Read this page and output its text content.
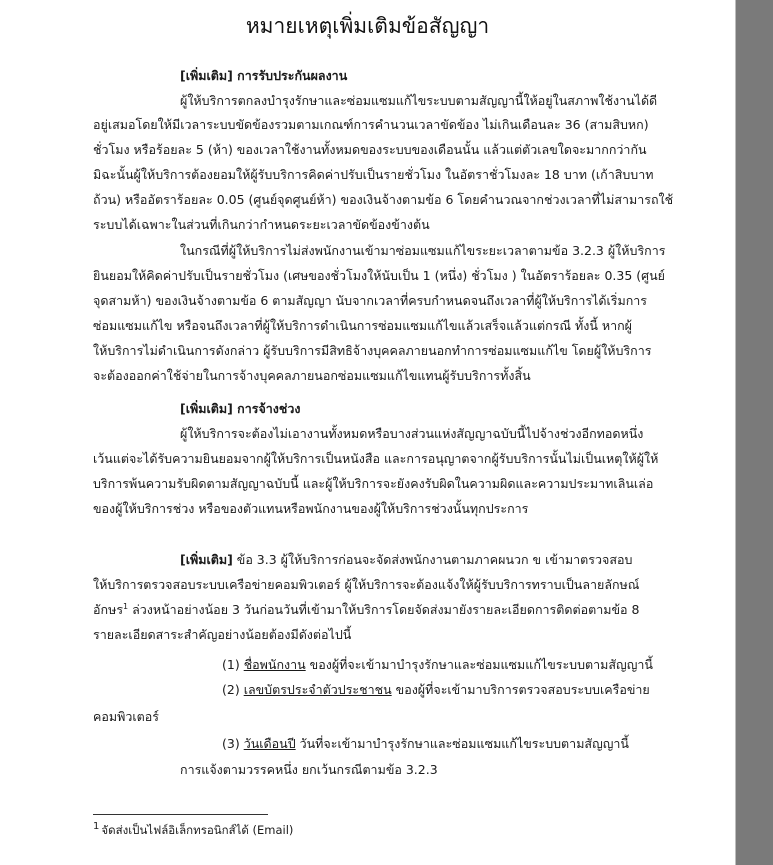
หมายเหตุเพิ่มเติมข้อสัญญา
[เพิ่มเติม] การรับประกันผลงาน
ผู้ให้บริการตกลงบำรุงรักษาและซ่อมแซมแก้ไขระบบตามสัญญานี้ให้อยู่ในสภาพใช้งานได้ดี
อยู่เสมอโดยให้มีเวลาระบบขัดข้องรวมตามเกณฑ์การคำนวนเวลาขัดข้อง ไม่เกินเดือนละ 36 (สามสิบหก)
ชั่วโมง หรือร้อยละ 5 (ห้า) ของเวลาใช้งานทั้งหมดของระบบของเดือนนั้น แล้วแต่ตัวเลขใดจะมากกว่ากัน
มิฉะนั้นผู้ให้บริการต้องยอมให้ผู้รับบริการคิดค่าปรับเป็นรายชั่วโมง ในอัตราชั่วโมงละ 18 บาท (เก้าสิบบาท
ถ้วน) หรืออัตราร้อยละ 0.05 (ศูนย์จุดศูนย์ห้า) ของเงินจ้างตามข้อ 6 โดยคำนวณจากช่วงเวลาที่ไม่สามารถใช้
ระบบได้เฉพาะในส่วนที่เกินกว่ากำหนดระยะเวลาขัดข้องข้างต้น
ในกรณีที่ผู้ให้บริการไม่ส่งพนักงานเข้ามาซ่อมแซมแก้ไขระยะเวลาตามข้อ 3.2.3 ผู้ให้บริการ
ยินยอมให้คิดค่าปรับเป็นรายชั่วโมง (เศษของชั่วโมงให้นับเป็น 1 (หนึ่ง) ชั่วโมง ) ในอัตราร้อยละ 0.35 (ศูนย์
จุดสามห้า) ของเงินจ้างตามข้อ 6 ตามสัญญา นับจากเวลาที่ครบกำหนดจนถึงเวลาที่ผู้ให้บริการได้เริ่มการ
ซ่อมแซมแก้ไข หรือจนถึงเวลาที่ผู้ให้บริการดำเนินการซ่อมแซมแก้ไขแล้วเสร็จแล้วแต่กรณี ทั้งนี้ หากผู้
ให้บริการไม่ดำเนินการดังกล่าว ผู้รับบริการมีสิทธิจ้างบุคคลภายนอกทำการซ่อมแซมแก้ไข โดยผู้ให้บริการ
จะต้องออกค่าใช้จ่ายในการจ้างบุคคลภายนอกซ่อมแซมแก้ไขแทนผู้รับบริการทั้งสิ้น
[เพิ่มเติม] การจ้างช่วง
ผู้ให้บริการจะต้องไม่เอางานทั้งหมดหรือบางส่วนแห่งสัญญาฉบับนี้ไปจ้างช่วงอีกทอดหนึ่ง
เว้นแต่จะได้รับความยินยอมจากผู้ให้บริการเป็นหนังสือ และการอนุญาตจากผู้รับบริการนั้นไม่เป็นเหตุให้ผู้ให้
บริการพ้นความรับผิดตามสัญญาฉบับนี้ และผู้ให้บริการจะยังคงรับผิดในความผิดและความประมาทเลินเล่อ
ของผู้ให้บริการช่วง หรือของตัวแทนหรือพนักงานของผู้ให้บริการช่วงนั้นทุกประการ
[เพิ่มเติม] ข้อ 3.3 ผู้ให้บริการก่อนจะจัดส่งพนักงานตามภาคผนวก ข เข้ามาตรวจสอบ
ให้บริการตรวจสอบระบบเครือข่ายคอมพิวเตอร์ ผู้ให้บริการจะต้องแจ้งให้ผู้รับบริการทราบเป็นลายลักษณ์
อักษร$^1$ ล่วงหน้าอย่างน้อย 3 วันก่อนวันที่เข้ามาให้บริการโดยจัดส่งมายังรายละเอียดการติดต่อตามข้อ 8
รายละเอียดสาระสำคัญอย่างน้อยต้องมีดังต่อไปนี้
(1) ชื่อพนักงาน ของผู้ที่จะเข้ามาบำรุงรักษาและซ่อมแซมแก้ไขระบบตามสัญญานี้
(2) เลขบัตรประจำตัวประชาชน ของผู้ที่จะเข้ามาบริการตรวจสอบระบบเครือข่าย
คอมพิวเตอร์
(3) วันเดือนปี วันที่จะเข้ามาบำรุงรักษาและซ่อมแซมแก้ไขระบบตามสัญญานี้
การแจ้งตามวรรคหนึ่ง ยกเว้นกรณีตามข้อ 3.2.3
1 จัดส่งเป็นไฟล์อิเล็กทรอนิกส์ได้ (Email)
